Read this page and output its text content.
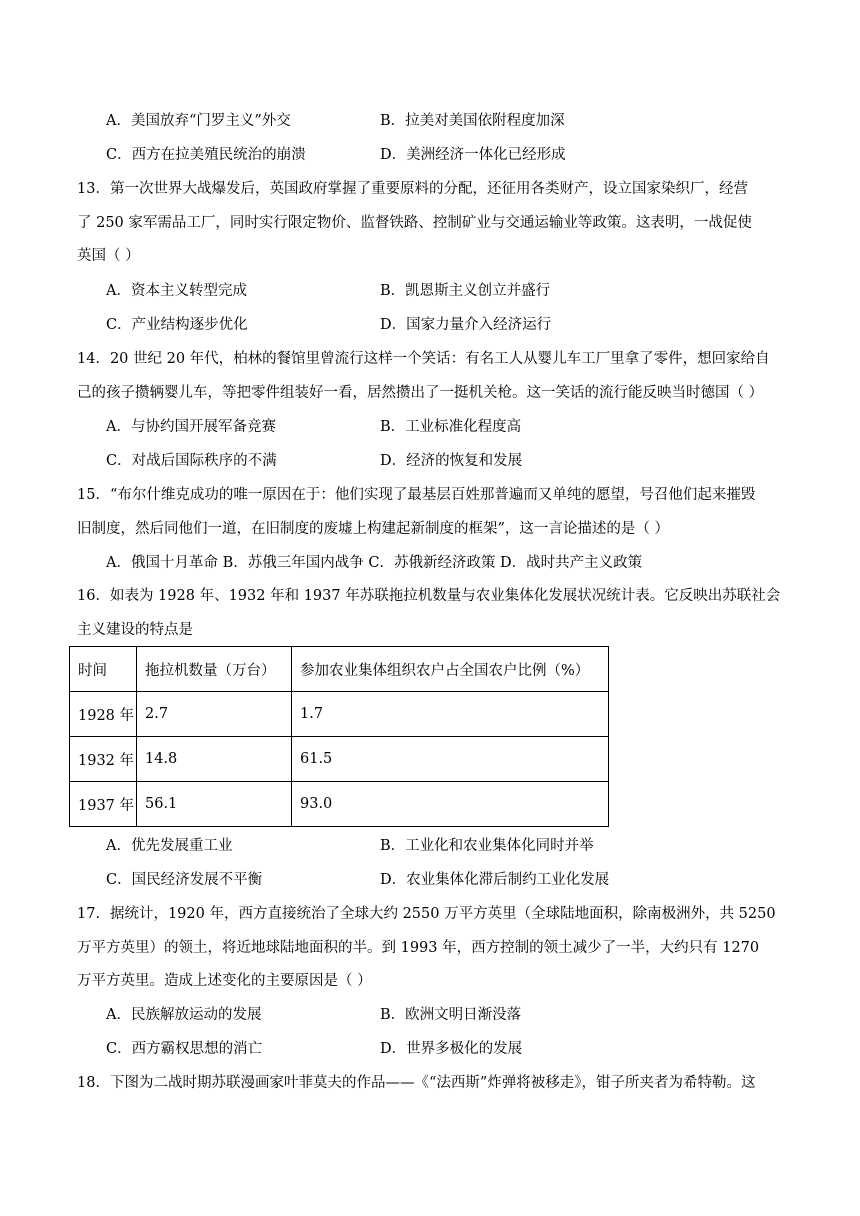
A．美国放弃“门罗主义”外交	B．拉美对美国依附程度加深
C．西方在拉美殖民统治的崩溃	D．美洲经济一体化已经形成
13．第一次世界大战爆发后，英国政府掌握了重要原料的分配，还征用各类财产，设立国家染织厂，经营
了 250 家军需品工厂，同时实行限定物价、监督铁路、控制矿业与交通运输业等政策。这表明，一战促使
英国（ ）
A．资本主义转型完成	B．凯恩斯主义创立并盛行
C．产业结构逐步优化	D．国家力量介入经济运行
14．20 世纪 20 年代，柏林的餐馆里曾流行这样一个笑话：有名工人从婴儿车工厂里拿了零件，想回家给自
己的孩子攒辆婴儿车，等把零件组装好一看，居然攒出了一挺机关枪。这一笑话的流行能反映当时德国（ ）
A．与协约国开展军备竞赛	B．工业标准化程度高
C．对战后国际秩序的不满	D．经济的恢复和发展
15．“布尔什维克成功的唯一原因在于：他们实现了最基层百姓那普遍而又单纯的愿望，号召他们起来摧毁
旧制度，然后同他们一道，在旧制度的废墟上构建起新制度的框架”，这一言论描述的是（ ）
A．俄国十月革命 B．苏俄三年国内战争 C．苏俄新经济政策 D．战时共产主义政策
16．如表为 1928 年、1932 年和 1937 年苏联拖拉机数量与农业集体化发展状况统计表。它反映出苏联社会
主义建设的特点是
时间	拖拉机数量（万台）	参加农业集体组织农户占全国农户比例（%）
1928 年	2.7	1.7
1932 年	14.8	61.5
1937 年	56.1	93.0
A．优先发展重工业	B．工业化和农业集体化同时并举
C．国民经济发展不平衡	D．农业集体化滞后制约工业化发展
17．据统计，1920 年，西方直接统治了全球大约 2550 万平方英里（全球陆地面积，除南极洲外，共 5250
万平方英里）的领土，将近地球陆地面积的半。到 1993 年，西方控制的领土减少了一半，大约只有 1270
万平方英里。造成上述变化的主要原因是（ ）
A．民族解放运动的发展	B．欧洲文明日渐没落
C．西方霸权思想的消亡	D．世界多极化的发展
18．下图为二战时期苏联漫画家叶菲莫夫的作品——《“法西斯”炸弹将被移走》，钳子所夹者为希特勒。这
